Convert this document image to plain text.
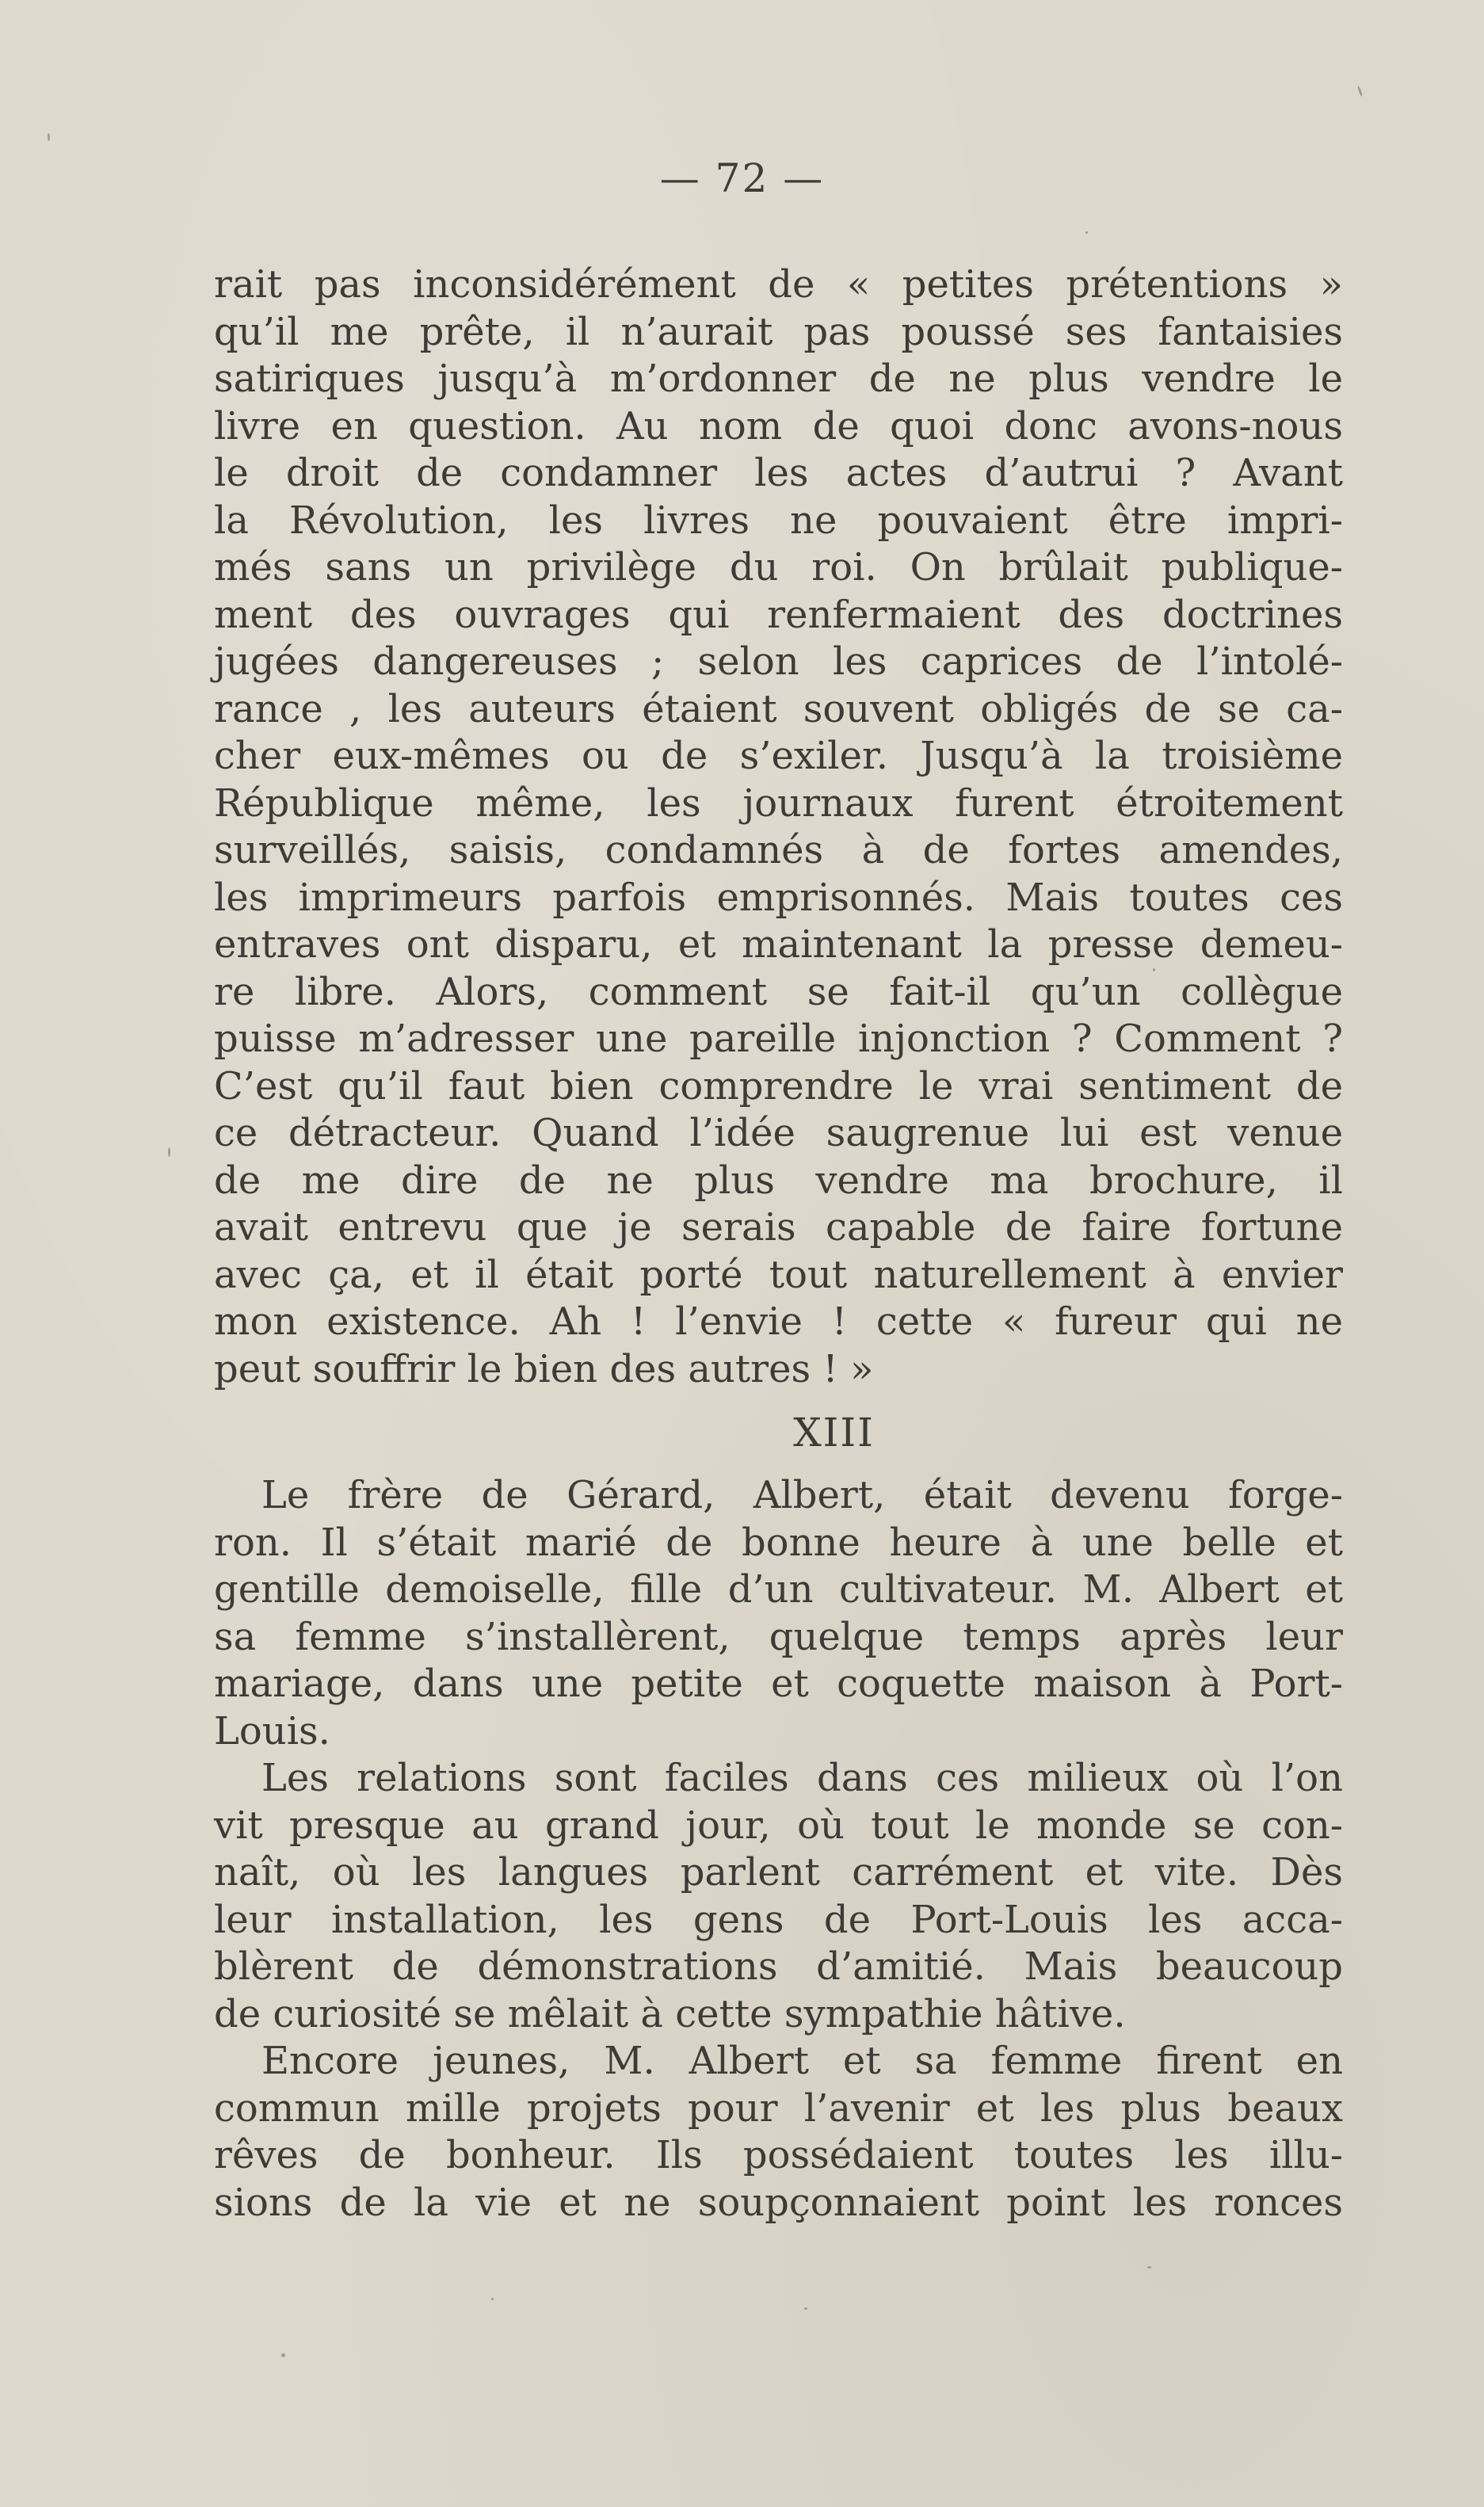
— 72 —
rait pas inconsidérément de « petites prétentions »
qu’il me prête, il n’aurait pas poussé ses fantaisies
satiriques jusqu’à m’ordonner de ne plus vendre le
livre en question. Au nom de quoi donc avons-nous
le droit de condamner les actes d’autrui ? Avant
la Révolution, les livres ne pouvaient être impri-
més sans un privilège du roi. On brûlait publique-
ment des ouvrages qui renfermaient des doctrines
jugées dangereuses ; selon les caprices de l’intolé-
rance , les auteurs étaient souvent obligés de se ca-
cher eux-mêmes ou de s’exiler. Jusqu’à la troisième
République même, les journaux furent étroitement
surveillés, saisis, condamnés à de fortes amendes,
les imprimeurs parfois emprisonnés. Mais toutes ces
entraves ont disparu, et maintenant la presse demeu-
re libre. Alors, comment se fait-il qu’un collègue
puisse m’adresser une pareille injonction ? Comment ?
C’est qu’il faut bien comprendre le vrai sentiment de
ce détracteur. Quand l’idée saugrenue lui est venue
de me dire de ne plus vendre ma brochure, il
avait entrevu que je serais capable de faire fortune
avec ça, et il était porté tout naturellement à envier
mon existence. Ah ! l’envie ! cette « fureur qui ne
peut souffrir le bien des autres ! »
XIII
Le frère de Gérard, Albert, était devenu forge-
ron. Il s’était marié de bonne heure à une belle et
gentille demoiselle, fille d’un cultivateur. M. Albert et
sa femme s’installèrent, quelque temps après leur
mariage, dans une petite et coquette maison à Port-
Louis.
Les relations sont faciles dans ces milieux où l’on
vit presque au grand jour, où tout le monde se con-
naît, où les langues parlent carrément et vite. Dès
leur installation, les gens de Port-Louis les acca-
blèrent de démonstrations d’amitié. Mais beaucoup
de curiosité se mêlait à cette sympathie hâtive.
Encore jeunes, M. Albert et sa femme firent en
commun mille projets pour l’avenir et les plus beaux
rêves de bonheur. Ils possédaient toutes les illu-
sions de la vie et ne soupçonnaient point les ronces
